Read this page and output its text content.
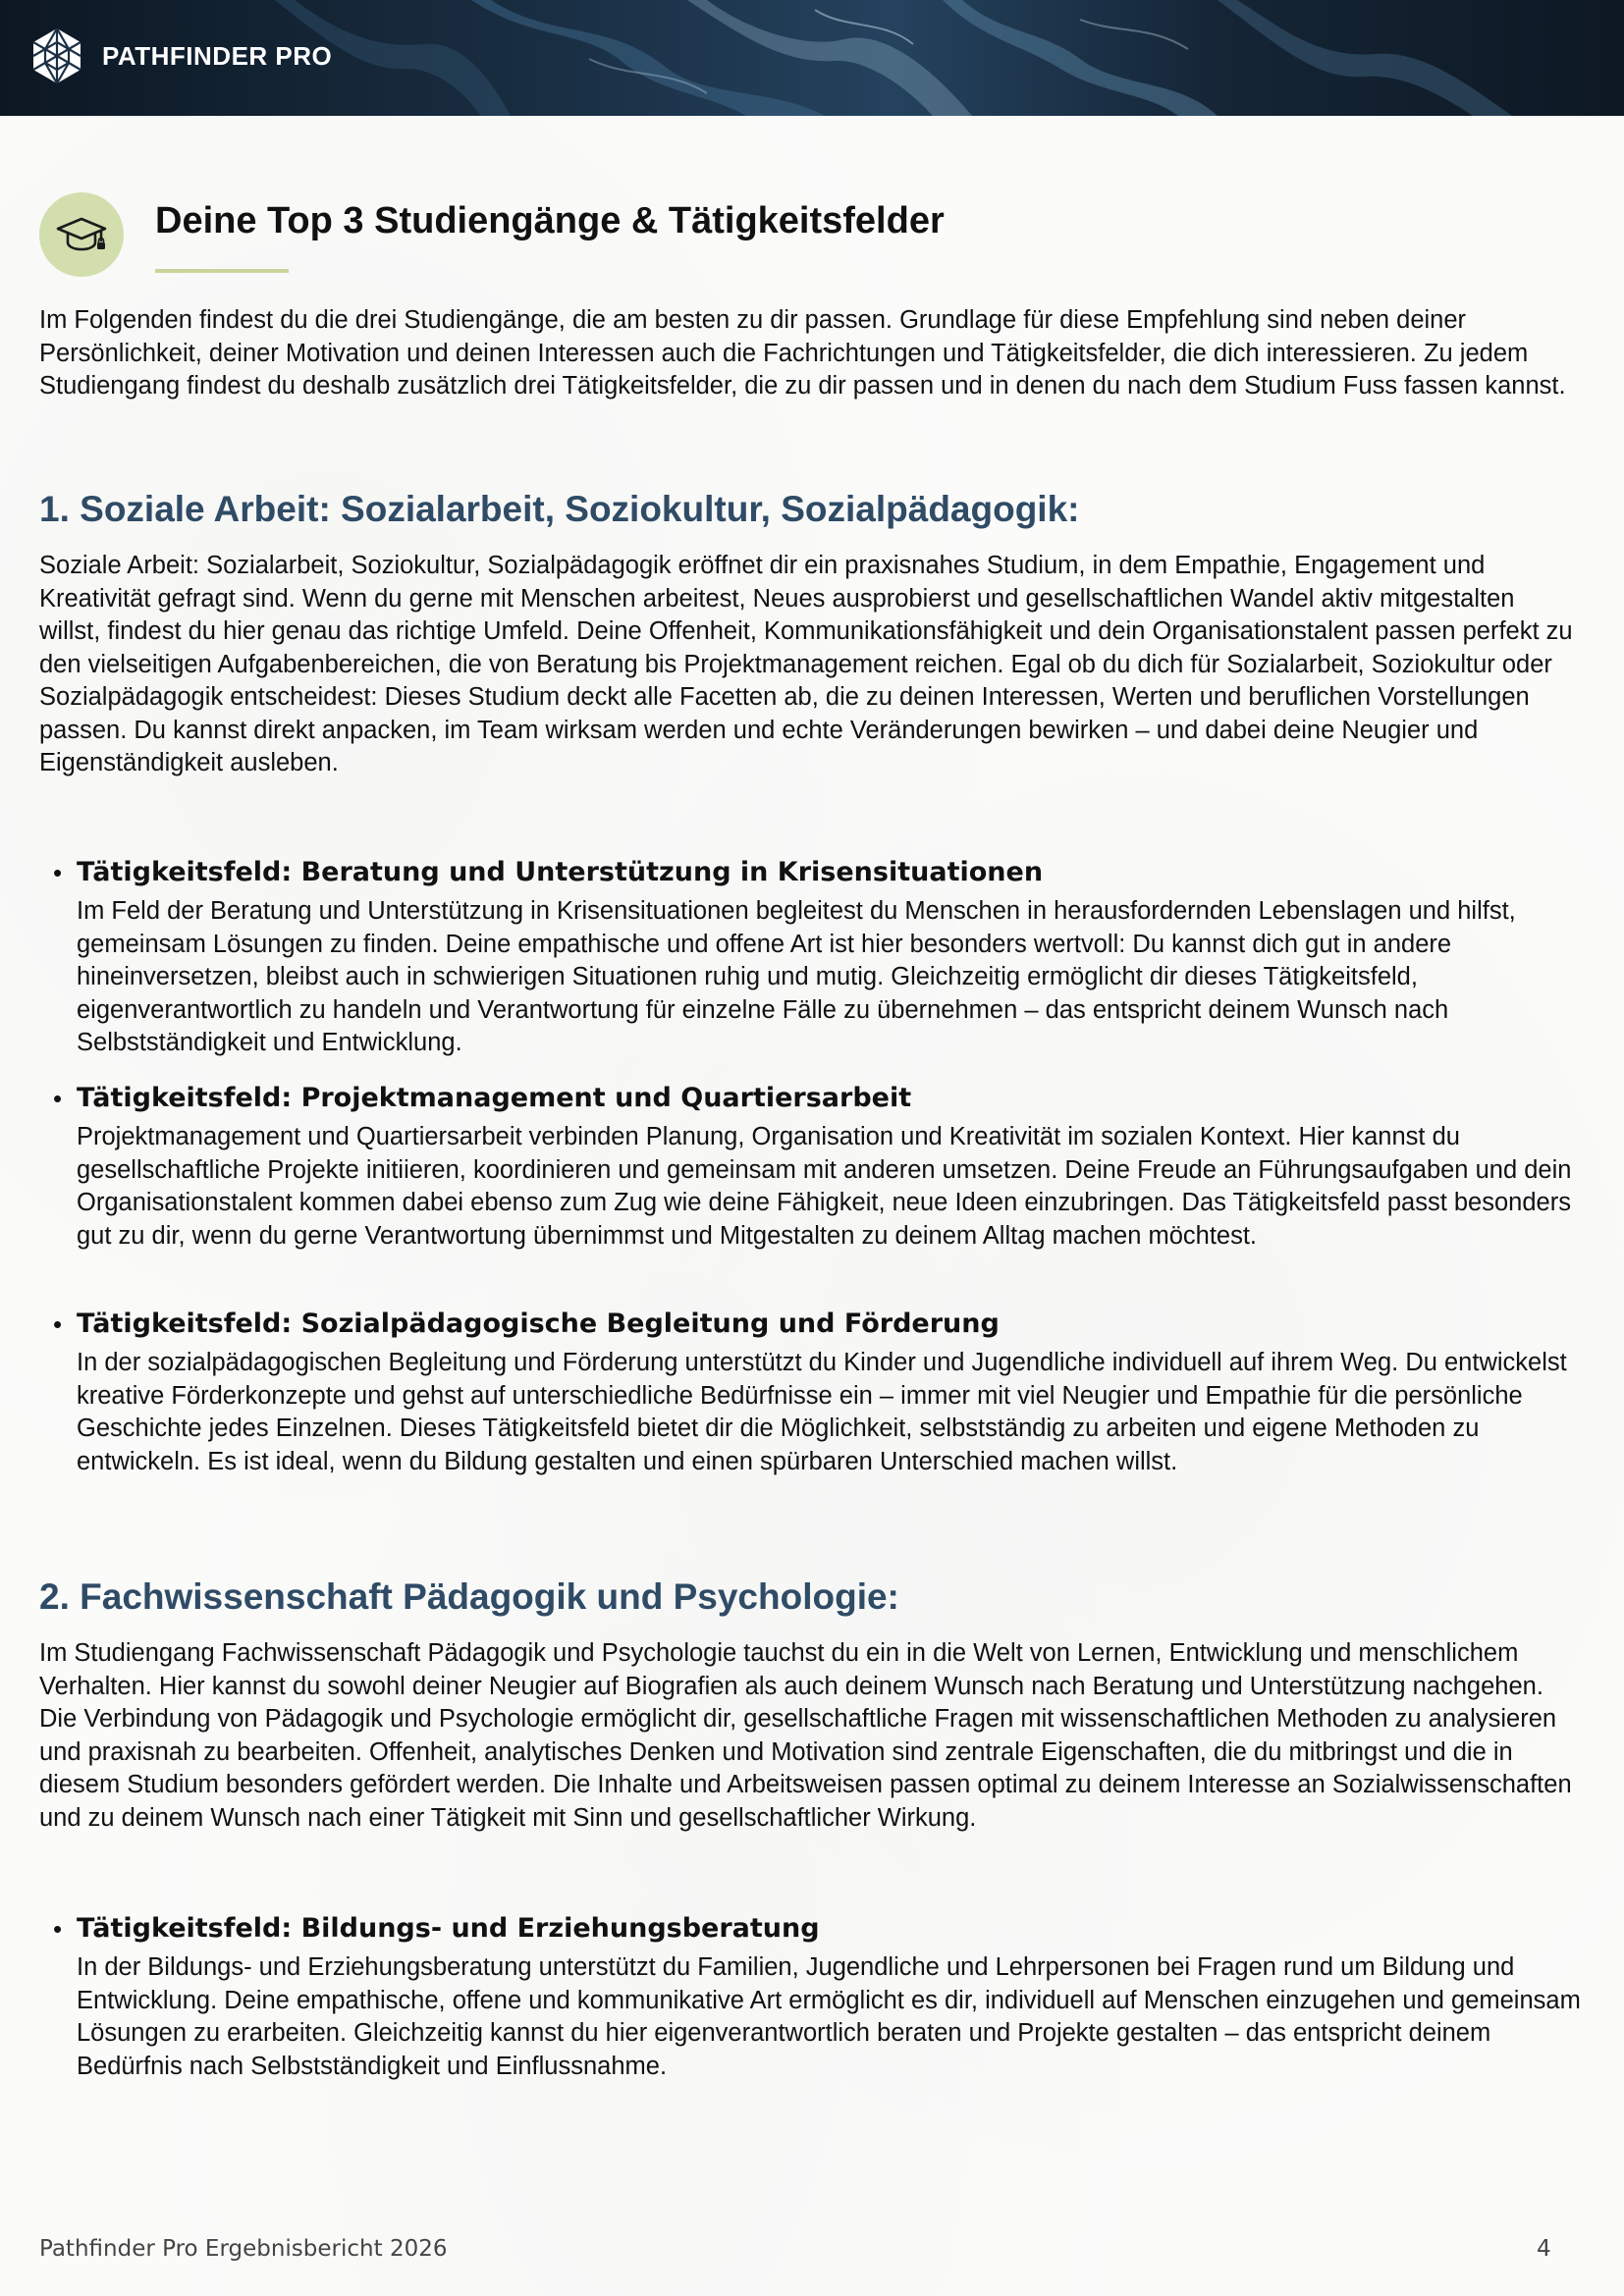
PATHFINDER PRO
Deine Top 3 Studiengänge & Tätigkeitsfelder

Im Folgenden findest du die drei Studiengänge, die am besten zu dir passen. Grundlage für diese Empfehlung sind neben deiner Persönlichkeit, deiner Motivation und deinen Interessen auch die Fachrichtungen und Tätigkeitsfelder, die dich interessieren. Zu jedem Studiengang findest du deshalb zusätzlich drei Tätigkeitsfelder, die zu dir passen und in denen du nach dem Studium Fuss fassen kannst.

1. Soziale Arbeit: Sozialarbeit, Soziokultur, Sozialpädagogik:

Soziale Arbeit: Sozialarbeit, Soziokultur, Sozialpädagogik eröffnet dir ein praxisnahes Studium, in dem Empathie, Engagement und Kreativität gefragt sind. Wenn du gerne mit Menschen arbeitest, Neues ausprobierst und gesellschaftlichen Wandel aktiv mitgestalten willst, findest du hier genau das richtige Umfeld. Deine Offenheit, Kommunikationsfähigkeit und dein Organisationstalent passen perfekt zu den vielseitigen Aufgabenbereichen, die von Beratung bis Projektmanagement reichen. Egal ob du dich für Sozialarbeit, Soziokultur oder Sozialpädagogik entscheidest: Dieses Studium deckt alle Facetten ab, die zu deinen Interessen, Werten und beruflichen Vorstellungen passen. Du kannst direkt anpacken, im Team wirksam werden und echte Veränderungen bewirken – und dabei deine Neugier und Eigenständigkeit ausleben.

• Tätigkeitsfeld: Beratung und Unterstützung in Krisensituationen

Im Feld der Beratung und Unterstützung in Krisensituationen begleitest du Menschen in herausfordernden Lebenslagen und hilfst, gemeinsam Lösungen zu finden. Deine empathische und offene Art ist hier besonders wertvoll: Du kannst dich gut in andere hineinversetzen, bleibst auch in schwierigen Situationen ruhig und mutig. Gleichzeitig ermöglicht dir dieses Tätigkeitsfeld, eigenverantwortlich zu handeln und Verantwortung für einzelne Fälle zu übernehmen – das entspricht deinem Wunsch nach Selbstständigkeit und Entwicklung.

• Tätigkeitsfeld: Projektmanagement und Quartiersarbeit

Projektmanagement und Quartiersarbeit verbinden Planung, Organisation und Kreativität im sozialen Kontext. Hier kannst du gesellschaftliche Projekte initiieren, koordinieren und gemeinsam mit anderen umsetzen. Deine Freude an Führungsaufgaben und dein Organisationstalent kommen dabei ebenso zum Zug wie deine Fähigkeit, neue Ideen einzubringen. Das Tätigkeitsfeld passt besonders gut zu dir, wenn du gerne Verantwortung übernimmst und Mitgestalten zu deinem Alltag machen möchtest.

• Tätigkeitsfeld: Sozialpädagogische Begleitung und Förderung

In der sozialpädagogischen Begleitung und Förderung unterstützt du Kinder und Jugendliche individuell auf ihrem Weg. Du entwickelst kreative Förderkonzepte und gehst auf unterschiedliche Bedürfnisse ein – immer mit viel Neugier und Empathie für die persönliche Geschichte jedes Einzelnen. Dieses Tätigkeitsfeld bietet dir die Möglichkeit, selbstständig zu arbeiten und eigene Methoden zu entwickeln. Es ist ideal, wenn du Bildung gestalten und einen spürbaren Unterschied machen willst.

2. Fachwissenschaft Pädagogik und Psychologie:

Im Studiengang Fachwissenschaft Pädagogik und Psychologie tauchst du ein in die Welt von Lernen, Entwicklung und menschlichem Verhalten. Hier kannst du sowohl deiner Neugier auf Biografien als auch deinem Wunsch nach Beratung und Unterstützung nachgehen. Die Verbindung von Pädagogik und Psychologie ermöglicht dir, gesellschaftliche Fragen mit wissenschaftlichen Methoden zu analysieren und praxisnah zu bearbeiten. Offenheit, analytisches Denken und Motivation sind zentrale Eigenschaften, die du mitbringst und die in diesem Studium besonders gefördert werden. Die Inhalte und Arbeitsweisen passen optimal zu deinem Interesse an Sozialwissenschaften und zu deinem Wunsch nach einer Tätigkeit mit Sinn und gesellschaftlicher Wirkung.

• Tätigkeitsfeld: Bildungs- und Erziehungsberatung

In der Bildungs- und Erziehungsberatung unterstützt du Familien, Jugendliche und Lehrpersonen bei Fragen rund um Bildung und Entwicklung. Deine empathische, offene und kommunikative Art ermöglicht es dir, individuell auf Menschen einzugehen und gemeinsam Lösungen zu erarbeiten. Gleichzeitig kannst du hier eigenverantwortlich beraten und Projekte gestalten – das entspricht deinem Bedürfnis nach Selbstständigkeit und Einflussnahme.

Pathfinder Pro Ergebnisbericht 2026	4
